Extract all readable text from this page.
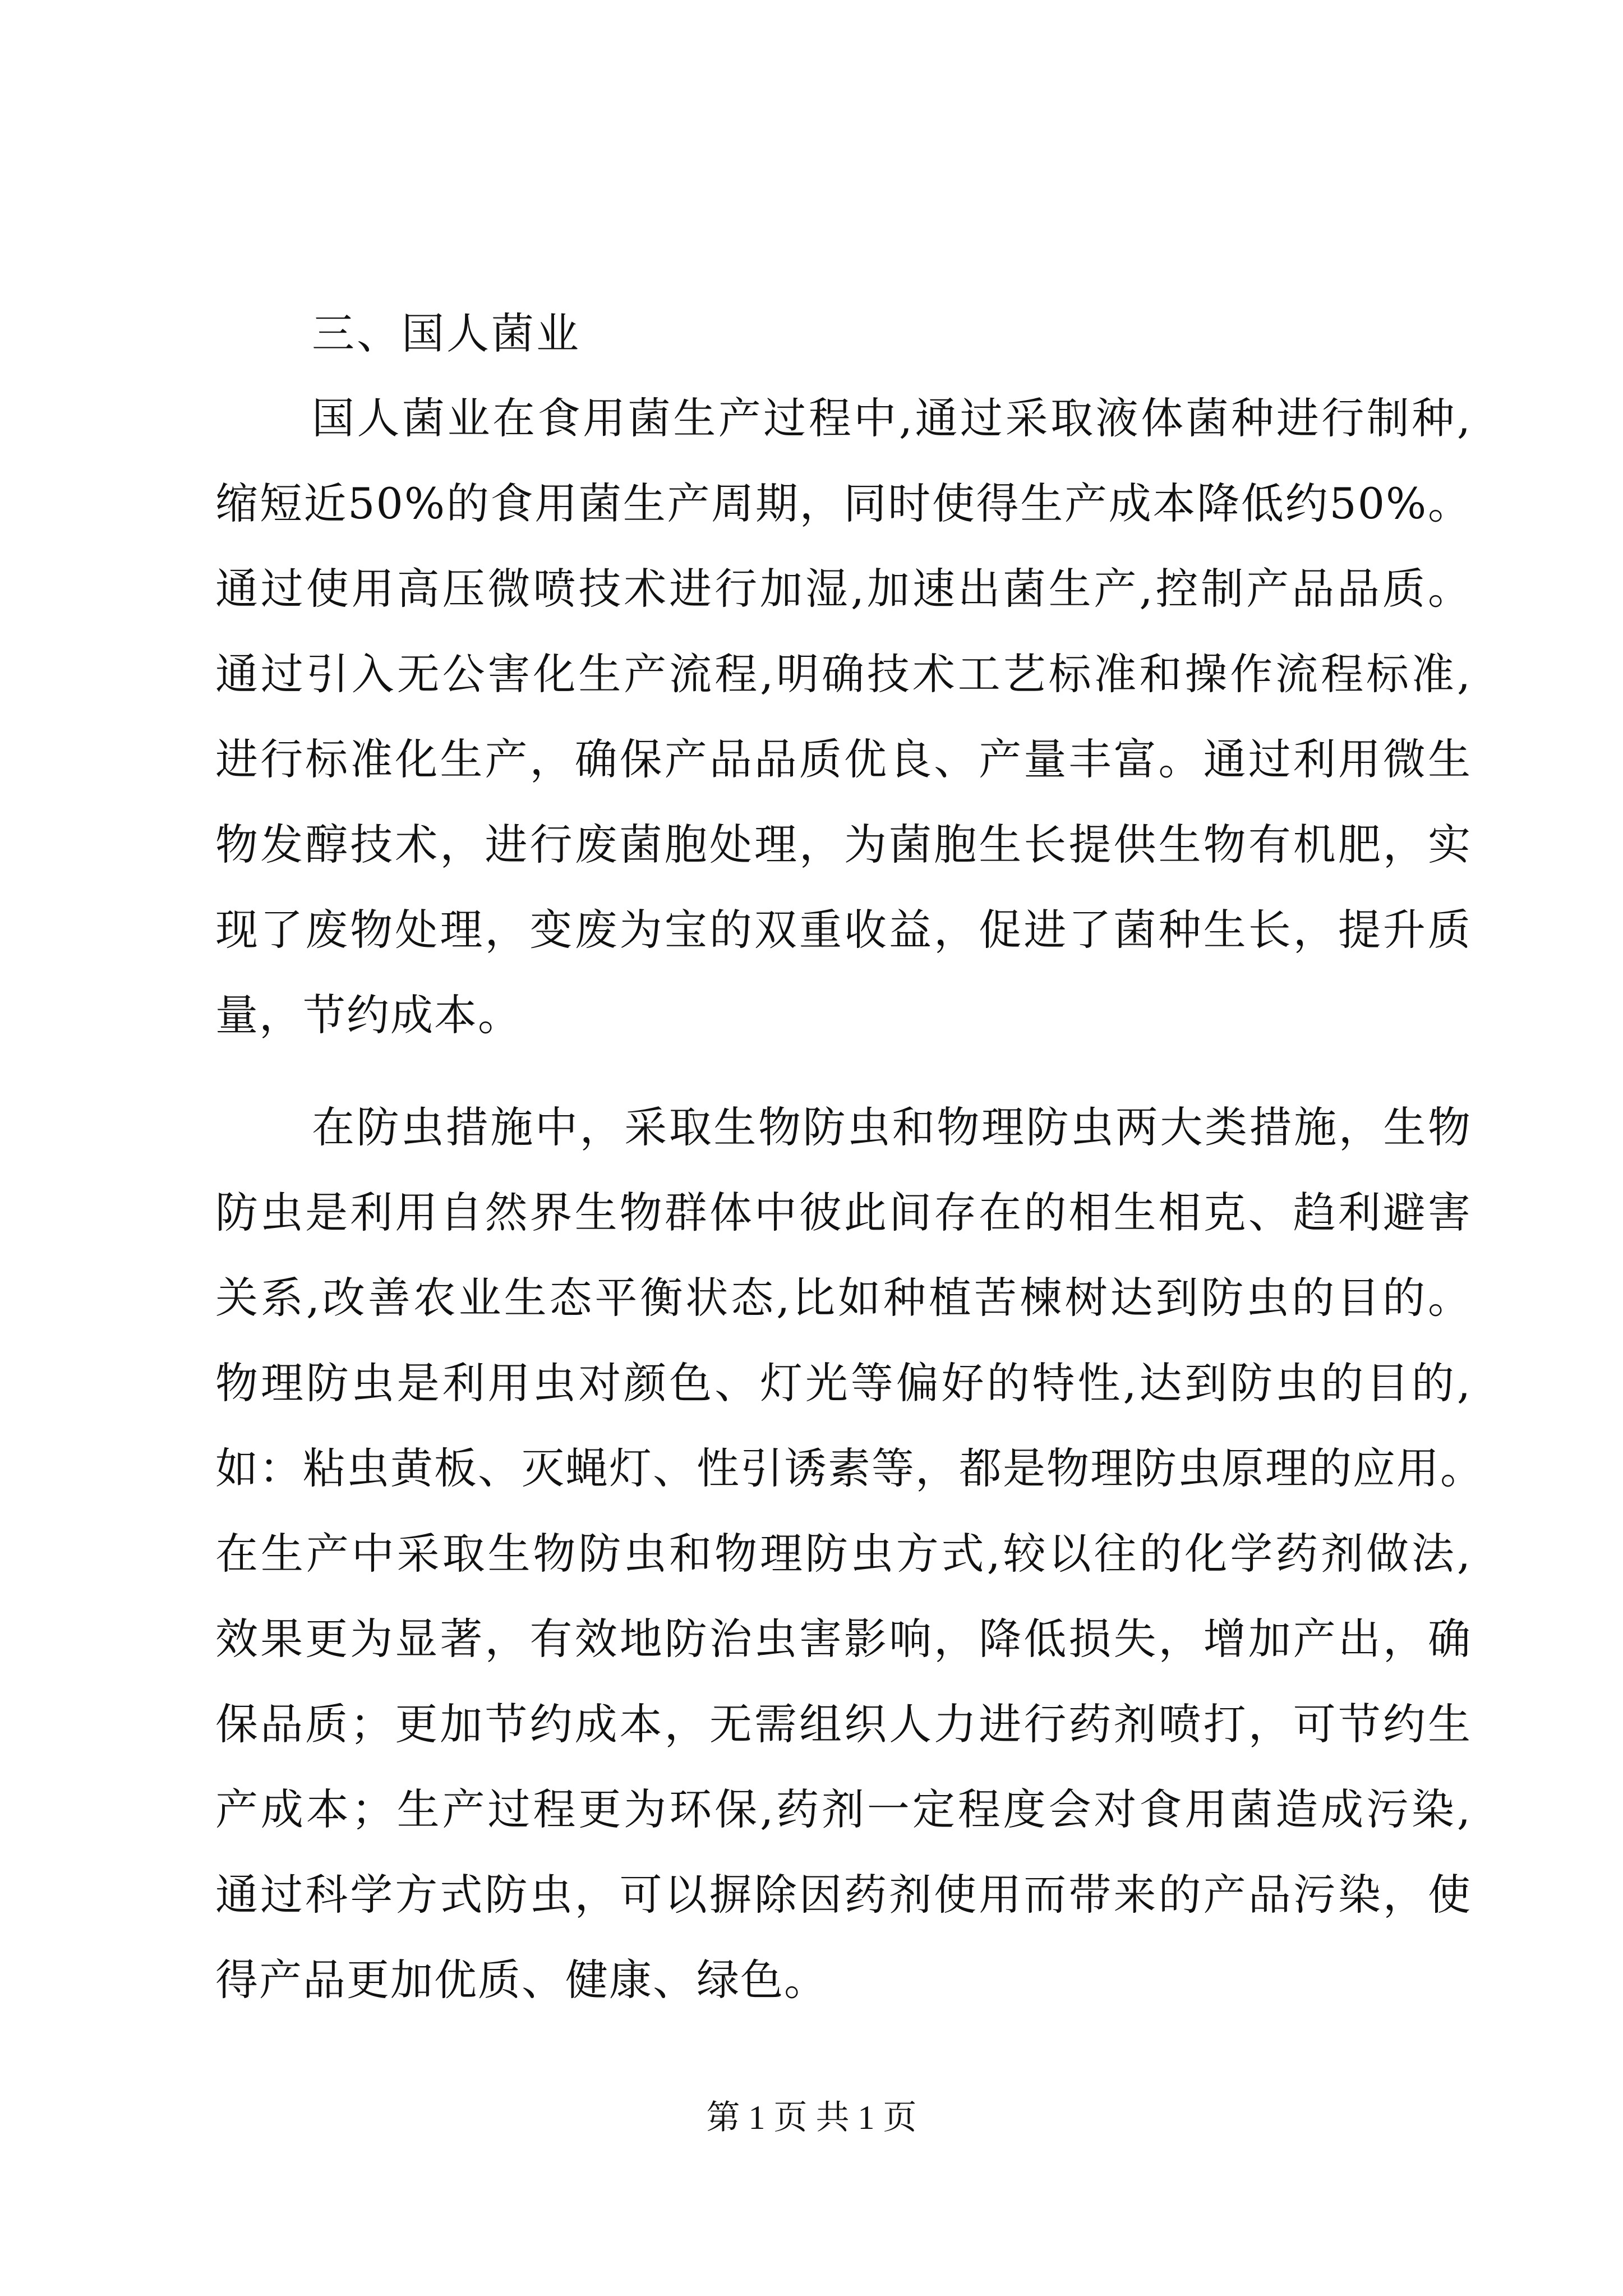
三、国人菌业
国人菌业在食用菌生产过程中,通过采取液体菌种进行制种,
缩短近50%的食用菌生产周期，同时使得生产成本降低约50%。
通过使用高压微喷技术进行加湿,加速出菌生产,控制产品品质。
通过引入无公害化生产流程,明确技术工艺标准和操作流程标准,
进行标准化生产，确保产品品质优良、产量丰富。通过利用微生
物发醇技术，进行废菌胞处理，为菌胞生长提供生物有机肥，实
现了废物处理，变废为宝的双重收益，促进了菌种生长，提升质
量，节约成本。
在防虫措施中，采取生物防虫和物理防虫两大类措施，生物
防虫是利用自然界生物群体中彼此间存在的相生相克、趋利避害
关系,改善农业生态平衡状态,比如种植苦楝树达到防虫的目的。
物理防虫是利用虫对颜色、灯光等偏好的特性,达到防虫的目的,
如：粘虫黄板、灭蝇灯、性引诱素等，都是物理防虫原理的应用。
在生产中采取生物防虫和物理防虫方式,较以往的化学药剂做法,
效果更为显著，有效地防治虫害影响，降低损失，增加产出，确
保品质；更加节约成本，无需组织人力进行药剂喷打，可节约生
产成本；生产过程更为环保,药剂一定程度会对食用菌造成污染,
通过科学方式防虫，可以摒除因药剂使用而带来的产品污染，使
得产品更加优质、健康、绿色。
第 1 页 共 1 页
